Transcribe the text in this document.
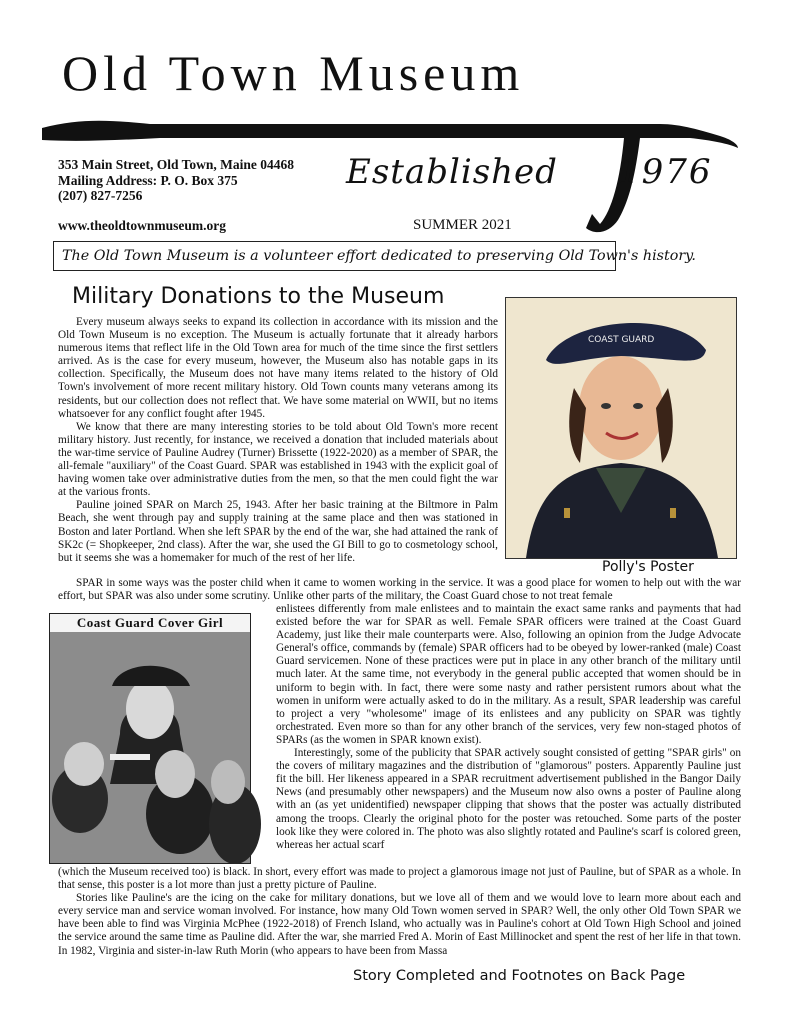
Old Town Museum
353 Main Street, Old Town, Maine 04468
Mailing Address: P. O. Box 375
(207) 827-7256
Established 1976
www.theoldtownmuseum.org	SUMMER 2021
The Old Town Museum is a volunteer effort dedicated to preserving Old Town's history.
Military Donations to the Museum

Every museum always seeks to expand its collection in accordance with its mission and the Old Town Museum is no exception. The Museum is actually fortunate that it already harbors numerous items that reflect life in the Old Town area for much of the time since the first settlers arrived. As is the case for every museum, however, the Museum also has notable gaps in its collection. Specifically, the Museum does not have many items related to the history of Old Town's involvement of more recent military history. Old Town counts many veterans among its residents, but our collection does not reflect that. We have some material on WWII, but no items whatsoever for any conflict fought after 1945.

We know that there are many interesting stories to be told about Old Town's more recent military history. Just recently, for instance, we received a donation that included materials about the war-time service of Pauline Audrey (Turner) Brissette (1922-2020) as a member of SPAR, the all-female "auxiliary" of the Coast Guard. SPAR was established in 1943 with the explicit goal of having women take over administrative duties from the men, so that the men could fight the war at the various fronts.

Pauline joined SPAR on March 25, 1943. After her basic training at the Biltmore in Palm Beach, she went through pay and supply training at the same place and then was stationed in Boston and later Portland. When she left SPAR by the end of the war, she had attained the rank of SK2c (= Shopkeeper, 2nd class). After the war, she used the GI Bill to go to cosmetology school, but it seems she was a homemaker for much of the rest of her life.

COAST GUARD
Polly's Poster

SPAR in some ways was the poster child when it came to women working in the service. It was a good place for women to help out with the war effort, but SPAR was also under some scrutiny. Unlike other parts of the military, the Coast Guard chose to not treat female

Coast Guard Cover Girl

enlistees differently from male enlistees and to maintain the exact same ranks and payments that had existed before the war for SPAR as well. Female SPAR officers were trained at the Coast Guard Academy, just like their male counterparts were. Also, following an opinion from the Judge Advocate General's office, commands by (female) SPAR officers had to be obeyed by lower-ranked (male) Coast Guard servicemen. None of these practices were put in place in any other branch of the military until much later. At the same time, not everybody in the general public accepted that women should be in uniform to begin with. In fact, there were some nasty and rather persistent rumors about what the women in uniform were actually asked to do in the military. As a result, SPAR leadership was careful to project a very "wholesome" image of its enlistees and any publicity on SPAR was tightly orchestrated. Even more so than for any other branch of the services, very few non-staged photos of SPARs (as the women in SPAR known exist).

Interestingly, some of the publicity that SPAR actively sought consisted of getting "SPAR girls" on the covers of military magazines and the distribution of "glamorous" posters. Apparently Pauline just fit the bill. Her likeness appeared in a SPAR recruitment advertisement published in the Bangor Daily News (and presumably other newspapers) and the Museum now also owns a poster of Pauline along with an (as yet unidentified) newspaper clipping that shows that the poster was actually distributed among the troops. Clearly the original photo for the poster was retouched. Some parts of the poster look like they were colored in. The photo was also slightly rotated and Pauline's scarf is colored green, whereas her actual scarf

(which the Museum received too) is black. In short, every effort was made to project a glamorous image not just of Pauline, but of SPAR as a whole. In that sense, this poster is a lot more than just a pretty picture of Pauline.

Stories like Pauline's are the icing on the cake for military donations, but we love all of them and we would love to learn more about each and every service man and service woman involved. For instance, how many Old Town women served in SPAR? Well, the only other Old Town SPAR we have been able to find was Virginia McPhee (1922-2018) of French Island, who actually was in Pauline's cohort at Old Town High School and joined the service around the same time as Pauline did. After the war, she married Fred A. Morin of East Millinocket and spent the rest of her life in that town. In 1982, Virginia and sister-in-law Ruth Morin (who appears to have been from Massa

Story Completed and Footnotes on Back Page
